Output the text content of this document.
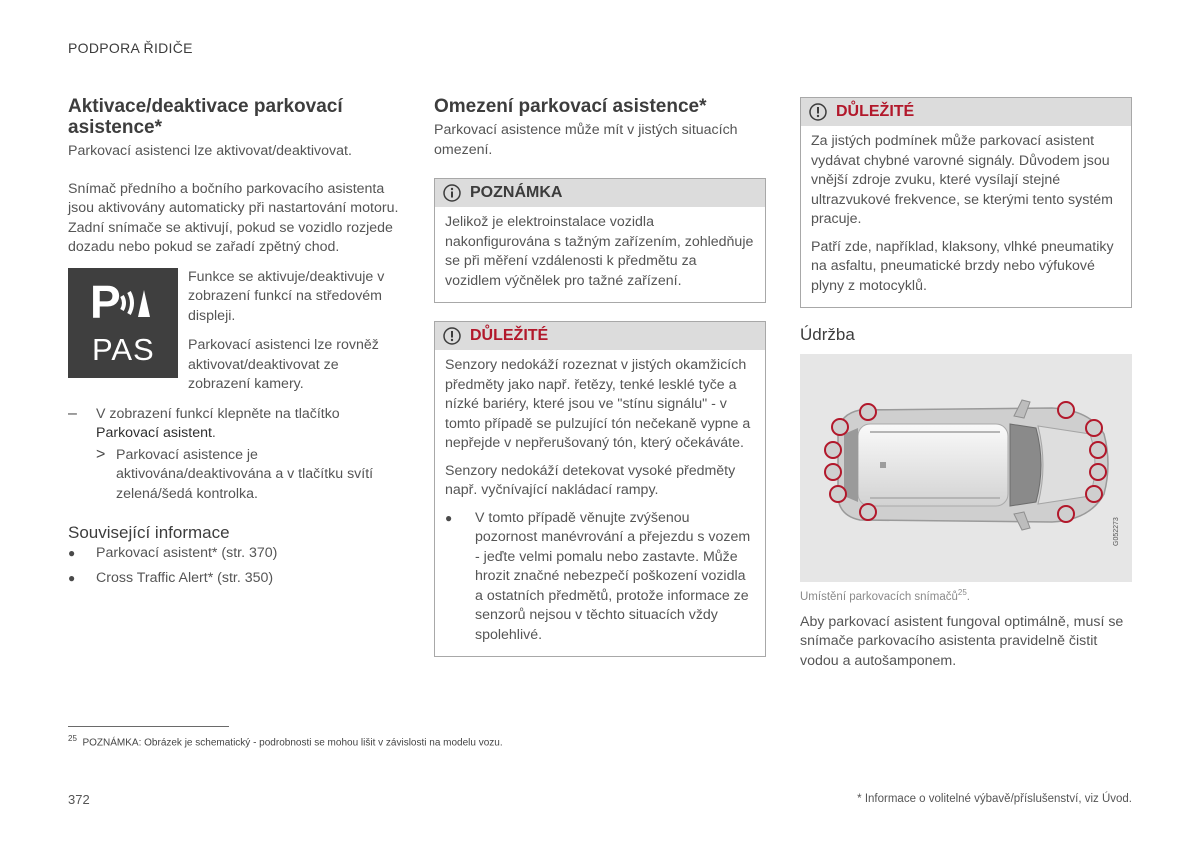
PODPORA ŘIDIČE
Aktivace/deaktivace parkovací asistence*

Parkovací asistenci lze aktivovat/deaktivovat.

Snímač předního a bočního parkovacího asistenta jsou aktivovány automaticky při nastartování motoru. Zadní snímače se aktivují, pokud se vozidlo rozjede dozadu nebo pokud se zařadí zpětný chod.

P
PAS

Funkce se aktivuje/deaktivuje v zobrazení funkcí na středovém displeji.

Parkovací asistenci lze rovněž aktivovat/deaktivovat ze zobrazení kamery.

–	V zobrazení funkcí klepněte na tlačítko Parkovací asistent.

> Parkovací asistence je aktivována/deaktivována a v tlačítku svítí zelená/šedá kontrolka.

Související informace
●	Parkovací asistent* (str. 370)

●	Cross Traffic Alert* (str. 350)

Omezení parkovací asistence*

Parkovací asistence může mít v jistých situacích omezení.

POZNÁMKA

Jelikož je elektroinstalace vozidla nakonfigurována s tažným zařízením, zohledňuje se při měření vzdálenosti k předmětu za vozidlem výčnělek pro tažné zařízení.

DŮLEŽITÉ

Senzory nedokáží rozeznat v jistých okamžicích předměty jako např. řetězy, tenké lesklé tyče a nízké bariéry, které jsou ve "stínu signálu" - v tomto případě se pulzující tón nečekaně vypne a nepřejde v nepřerušovaný tón, který očekáváte.

Senzory nedokáží detekovat vysoké předměty např. vyčnívající nakládací rampy.

●	V tomto případě věnujte zvýšenou pozornost manévrování a přejezdu s vozem - jeďte velmi pomalu nebo zastavte. Může hrozit značné nebezpečí poškození vozidla a ostatních předmětů, protože informace ze senzorů nejsou v těchto situacích vždy spolehlivé.

DŮLEŽITÉ

Za jistých podmínek může parkovací asistent vydávat chybné varovné signály. Důvodem jsou vnější zdroje zvuku, které vysílají stejné ultrazvukové frekvence, se kterými tento systém pracuje.

Patří zde, například, klaksony, vlhké pneumatiky na asfaltu, pneumatické brzdy nebo výfukové plyny z motocyklů.

Údržba
G052273
Umístění parkovacích snímačů$^{25}$.

Aby parkovací asistent fungoval optimálně, musí se snímače parkovacího asistenta pravidelně čistit vodou a autošamponem.

$^{25}$ POZNÁMKA: Obrázek je schematický - podrobnosti se mohou lišit v závislosti na modelu vozu.
372	* Informace o volitelné výbavě/příslušenství, viz Úvod.
